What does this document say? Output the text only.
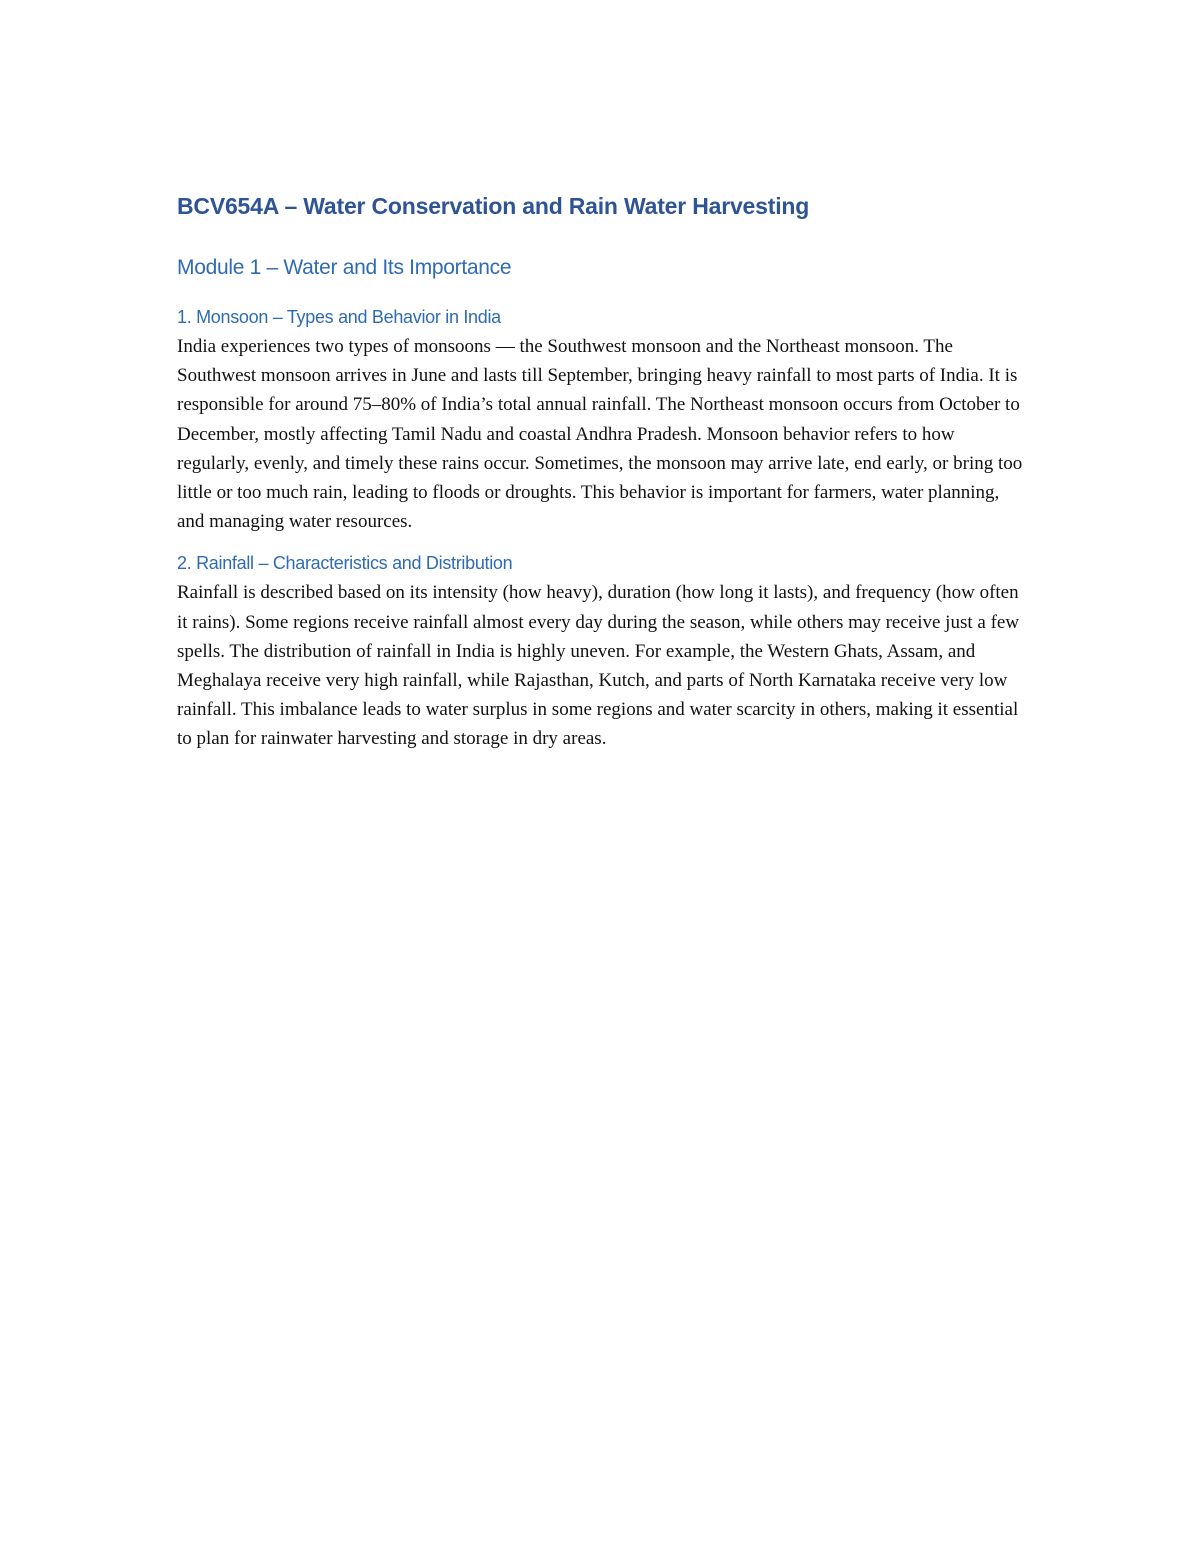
BCV654A – Water Conservation and Rain Water Harvesting
Module 1 – Water and Its Importance
1. Monsoon – Types and Behavior in India

India experiences two types of monsoons — the Southwest monsoon and the Northeast monsoon. The Southwest monsoon arrives in June and lasts till September, bringing heavy rainfall to most parts of India. It is responsible for around 75–80% of India’s total annual rainfall. The Northeast monsoon occurs from October to December, mostly affecting Tamil Nadu and coastal Andhra Pradesh. Monsoon behavior refers to how regularly, evenly, and timely these rains occur. Sometimes, the monsoon may arrive late, end early, or bring too little or too much rain, leading to floods or droughts. This behavior is important for farmers, water planning, and managing water resources.

2. Rainfall – Characteristics and Distribution

Rainfall is described based on its intensity (how heavy), duration (how long it lasts), and frequency (how often it rains). Some regions receive rainfall almost every day during the season, while others may receive just a few spells. The distribution of rainfall in India is highly uneven. For example, the Western Ghats, Assam, and Meghalaya receive very high rainfall, while Rajasthan, Kutch, and parts of North Karnataka receive very low rainfall. This imbalance leads to water surplus in some regions and water scarcity in others, making it essential to plan for rainwater harvesting and storage in dry areas.
